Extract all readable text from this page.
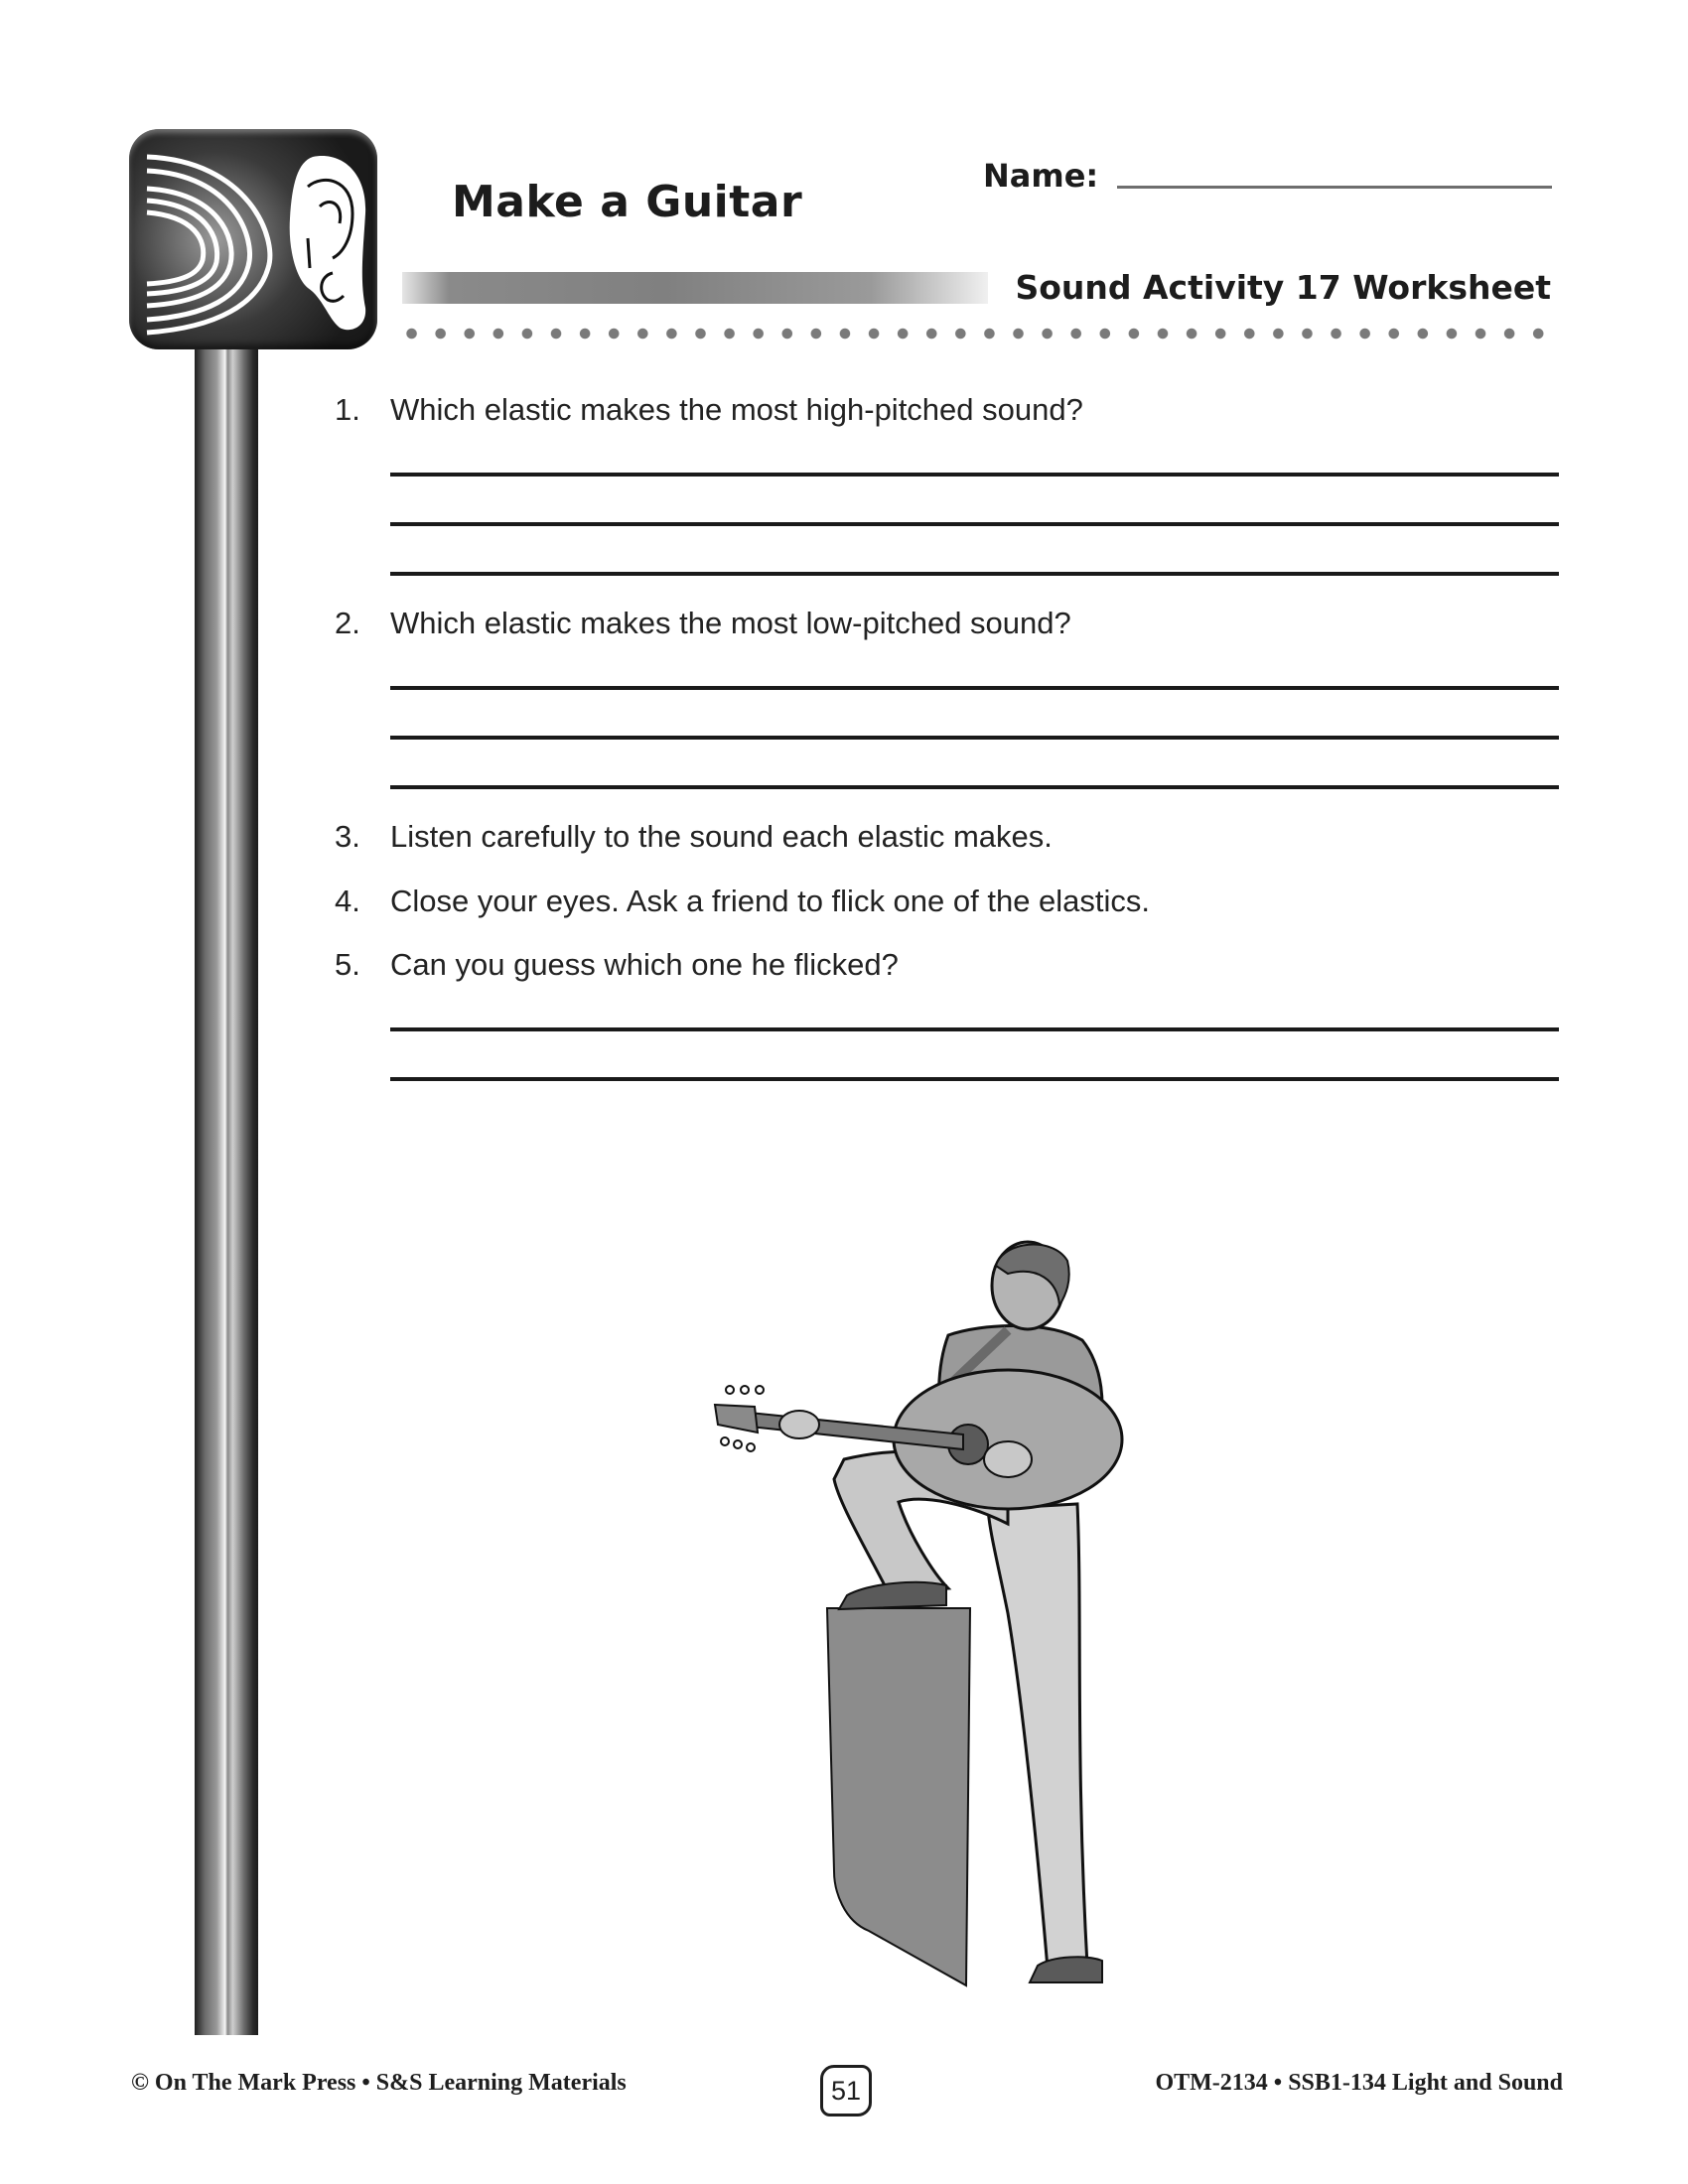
Make a Guitar
Name:
Sound Activity 17 Worksheet
1. Which elastic makes the most high-pitched sound?
2. Which elastic makes the most low-pitched sound?
3. Listen carefully to the sound each elastic makes.
4. Close your eyes. Ask a friend to flick one of the elastics.
5. Can you guess which one he flicked?
© On The Mark Press • S&S Learning Materials	51	OTM-2134 • SSB1-134 Light and Sound
